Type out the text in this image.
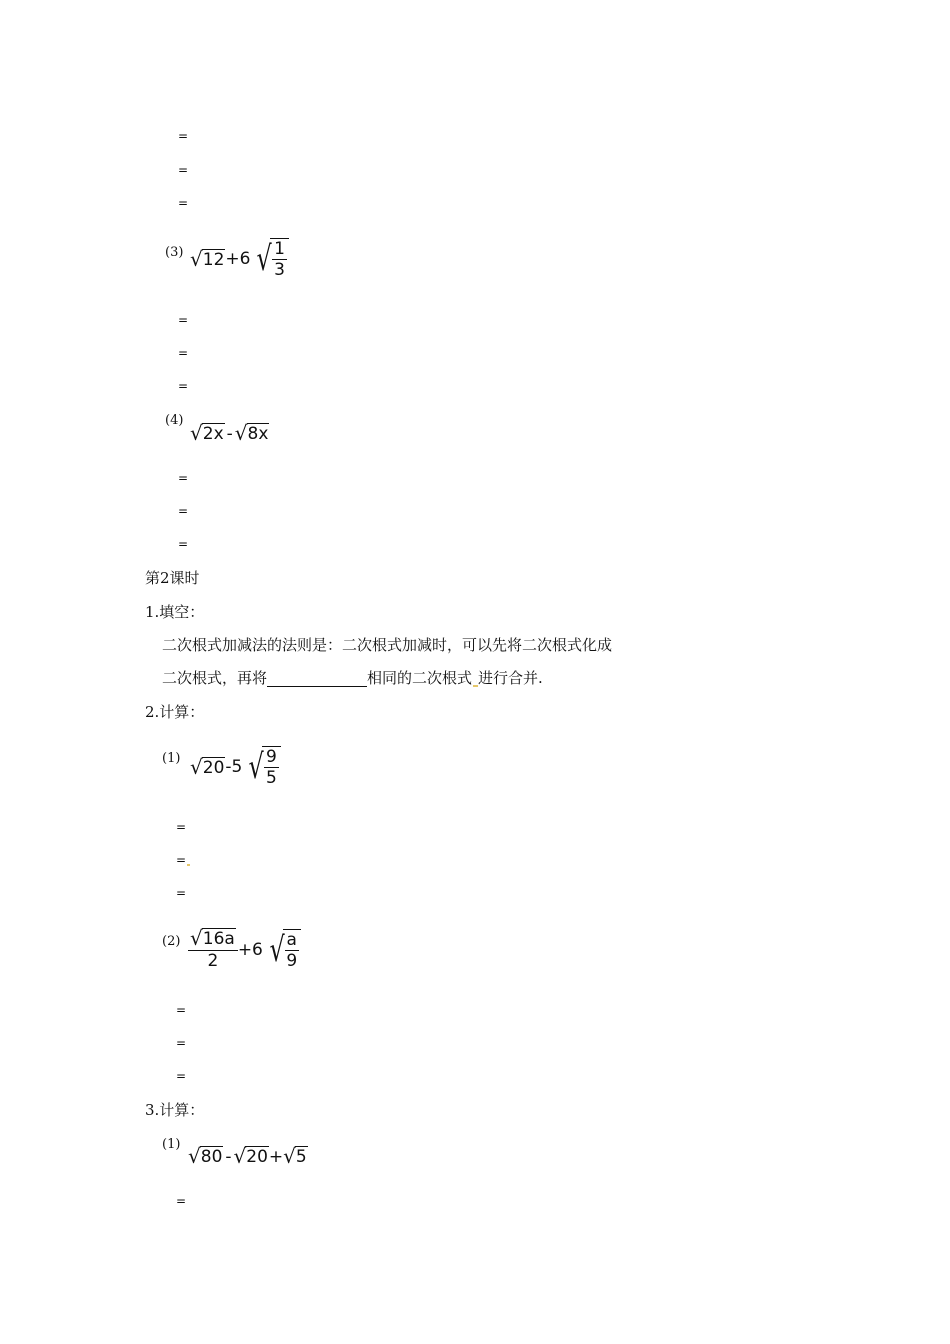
=
=
=
(3) √ 12 +6 √
$\frac{1}{3}$
=
=
=
(4)
√ 2x - √ 8x
=
=
=
第2课时
1.填空：
二次根式加减法的法则是：二次根式加减时，可以先将二次根式化成
二次根式，再将	相同的二次根式 进行合并.
2.计算：
(1) √ 20 -5 √
$\frac{9}{5}$
=
=
=
$(2) \frac{√ 16a}{2} +6$ √
$\frac{a}{9}$
=
=
=
3.计算：
(1) √ 80 - √ 20 + √ 5
=
